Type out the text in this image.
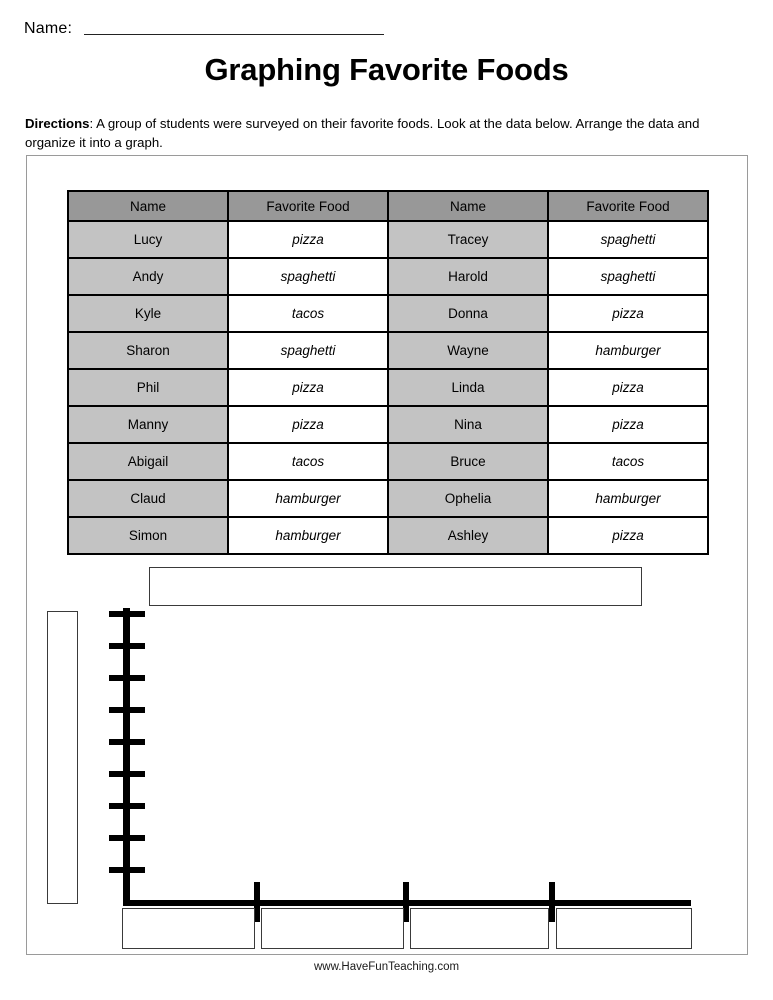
Name:
Graphing Favorite Foods
Directions: A group of students were surveyed on their favorite foods. Look at the data below. Arrange the data and organize it into a graph.
Name	Favorite Food	Name	Favorite Food
Lucy	pizza	Tracey	spaghetti
Andy	spaghetti	Harold	spaghetti
Kyle	tacos	Donna	pizza
Sharon	spaghetti	Wayne	hamburger
Phil	pizza	Linda	pizza
Manny	pizza	Nina	pizza
Abigail	tacos	Bruce	tacos
Claud	hamburger	Ophelia	hamburger
Simon	hamburger	Ashley	pizza
www.HaveFunTeaching.com
